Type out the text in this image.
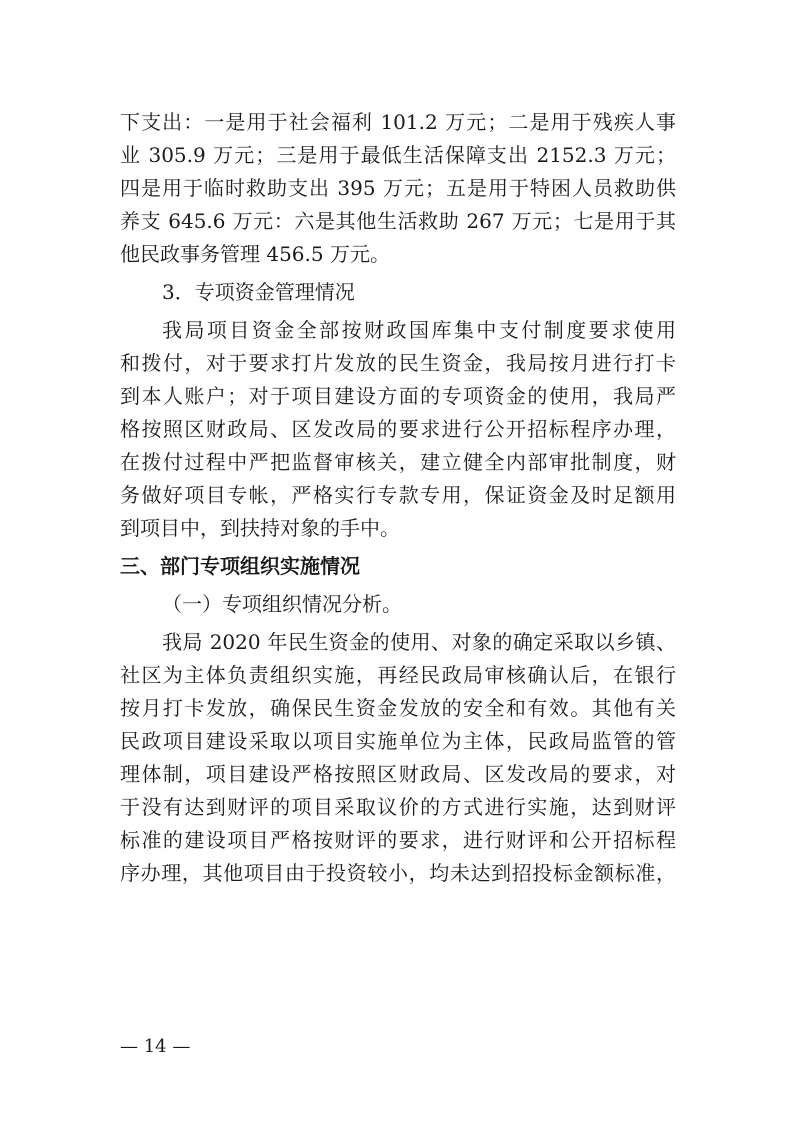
下支出：一是用于社会福利 101.2 万元；二是用于残疾人事
业 305.9 万元；三是用于最低生活保障支出 2152.3 万元；
四是用于临时救助支出 395 万元；五是用于特困人员救助供
养支 645.6 万元：六是其他生活救助 267 万元；七是用于其
他民政事务管理 456.5 万元。
3．专项资金管理情况
我局项目资金全部按财政国库集中支付制度要求使用
和拨付，对于要求打片发放的民生资金，我局按月进行打卡
到本人账户；对于项目建设方面的专项资金的使用，我局严
格按照区财政局、区发改局的要求进行公开招标程序办理，
在拨付过程中严把监督审核关，建立健全内部审批制度，财
务做好项目专帐，严格实行专款专用，保证资金及时足额用
到项目中，到扶持对象的手中。
三、部门专项组织实施情况
（一）专项组织情况分析。
我局 2020 年民生资金的使用、对象的确定采取以乡镇、
社区为主体负责组织实施，再经民政局审核确认后，在银行
按月打卡发放，确保民生资金发放的安全和有效。其他有关
民政项目建设采取以项目实施单位为主体，民政局监管的管
理体制，项目建设严格按照区财政局、区发改局的要求，对
于没有达到财评的项目采取议价的方式进行实施，达到财评
标准的建设项目严格按财评的要求，进行财评和公开招标程
序办理，其他项目由于投资较小，均未达到招投标金额标准，
— 14 —
